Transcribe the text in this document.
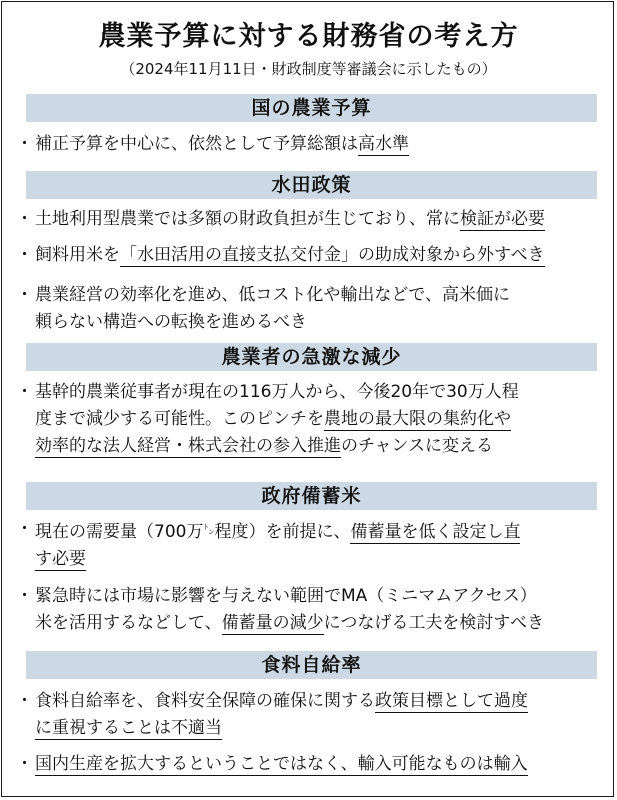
農業予算に対する財務省の考え方
（2024年11月11日・財政制度等審議会に示したもの）
国の農業予算
・ 補正予算を中心に、依然として予算総額は高水準
水田政策
・ 土地利用型農業では多額の財政負担が生じており、常に検証が必要
・ 飼料用米を「水田活用の直接支払交付金」の助成対象から外すべき
・ 農業経営の効率化を進め、低コスト化や輸出などで、高米価に
頼らない構造への転換を進めるべき
農業者の急激な減少
・ 基幹的農業従事者が現在の116万人から、今後20年で30万人程
度まで減少する可能性。このピンチを農地の最大限の集約化や
効率的な法人経営・株式会社の参入推進のチャンスに変える
政府備蓄米
・ 現在の需要量（700万㌧程度）を前提に、備蓄量を低く設定し直
す必要
・ 緊急時には市場に影響を与えない範囲でMA（ミニマムアクセス）
米を活用するなどして、備蓄量の減少につなげる工夫を検討すべき
食料自給率
・ 食料自給率を、食料安全保障の確保に関する政策目標として過度
に重視することは不適当
・ 国内生産を拡大するということではなく、輸入可能なものは輸入
